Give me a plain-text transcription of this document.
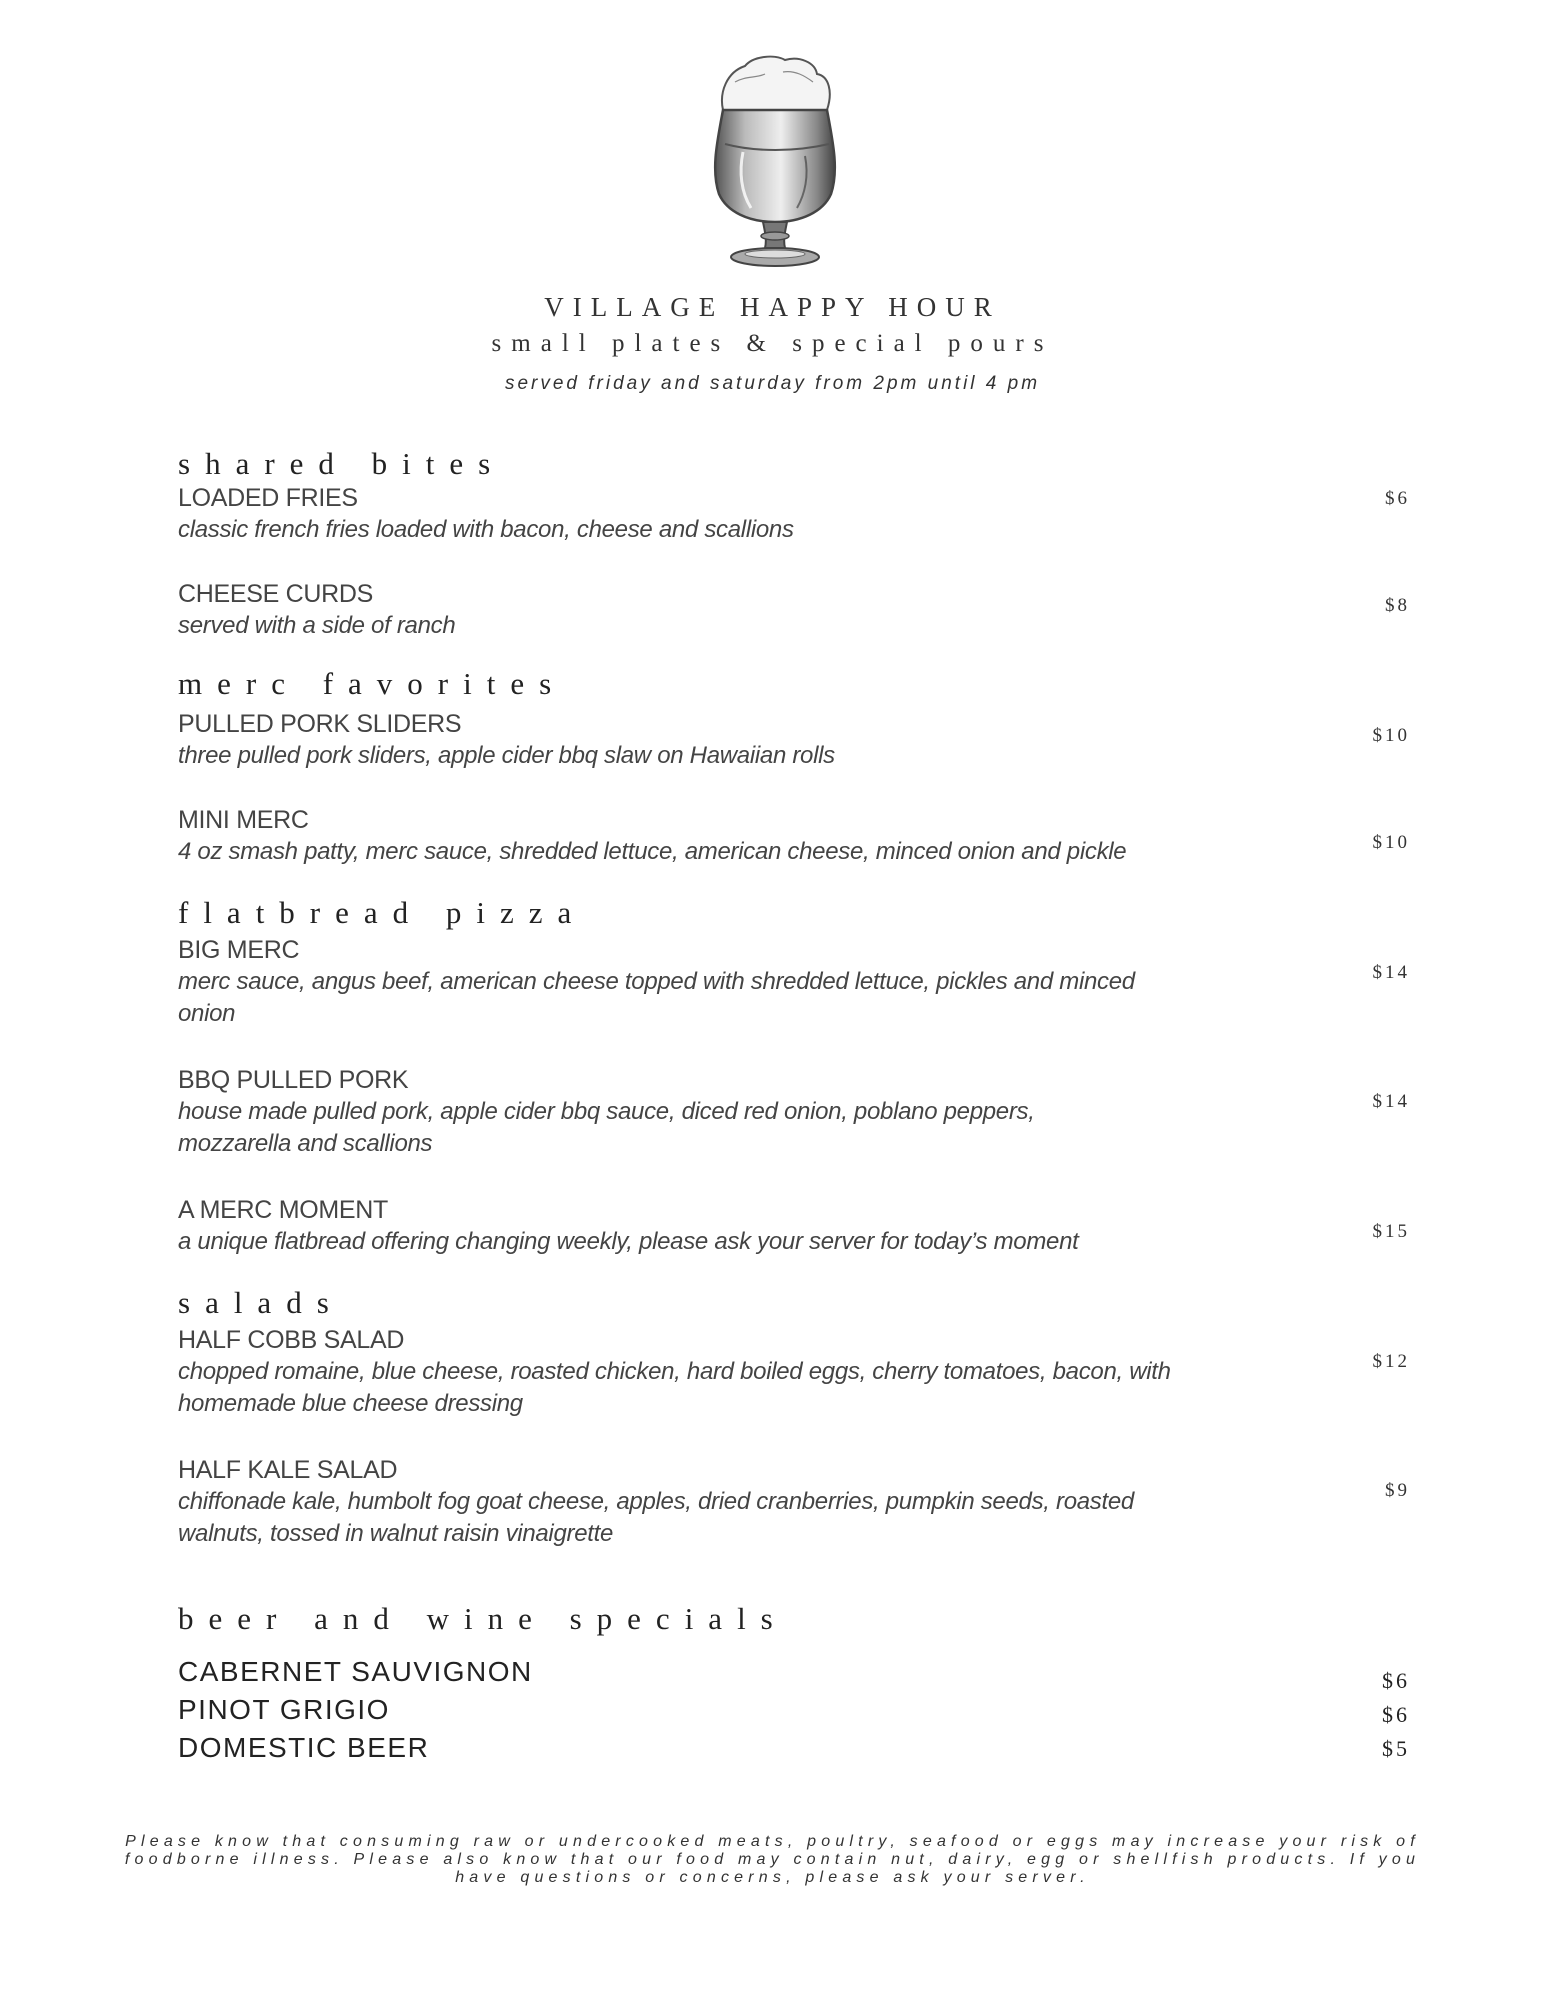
VILLAGE HAPPY HOUR
small plates & special pours
served friday and saturday from 2pm until 4 pm
shared bites
LOADED FRIES
classic french fries loaded with bacon, cheese and scallions
$6
CHEESE CURDS
served with a side of ranch
$8
merc favorites
PULLED PORK SLIDERS
three pulled pork sliders, apple cider bbq slaw on Hawaiian rolls
$10
MINI MERC
4 oz smash patty, merc sauce, shredded lettuce, american cheese, minced onion and pickle	$10
flatbread pizza
BIG MERC
merc sauce, angus beef, american cheese topped with shredded lettuce, pickles and minced onion
$14
BBQ PULLED PORK
house made pulled pork, apple cider bbq sauce, diced red onion, poblano peppers, mozzarella and scallions
$14
A MERC MOMENT
a unique flatbread offering changing weekly, please ask your server for today’s moment	$15
salads
HALF COBB SALAD
chopped romaine, blue cheese, roasted chicken, hard boiled eggs, cherry tomatoes, bacon, with homemade blue cheese dressing
$12
HALF KALE SALAD
chiffonade kale, humbolt fog goat cheese, apples, dried cranberries, pumpkin seeds, roasted walnuts, tossed in walnut raisin vinaigrette
$9
beer and wine specials
CABERNET SAUVIGNON	$6
PINOT GRIGIO	$6
DOMESTIC BEER	$5
Please know that consuming raw or undercooked meats, poultry, seafood or eggs may increase your risk of foodborne illness. Please also know that our food may contain nut, dairy, egg or shellfish products. If you have questions or concerns, please ask your server.
